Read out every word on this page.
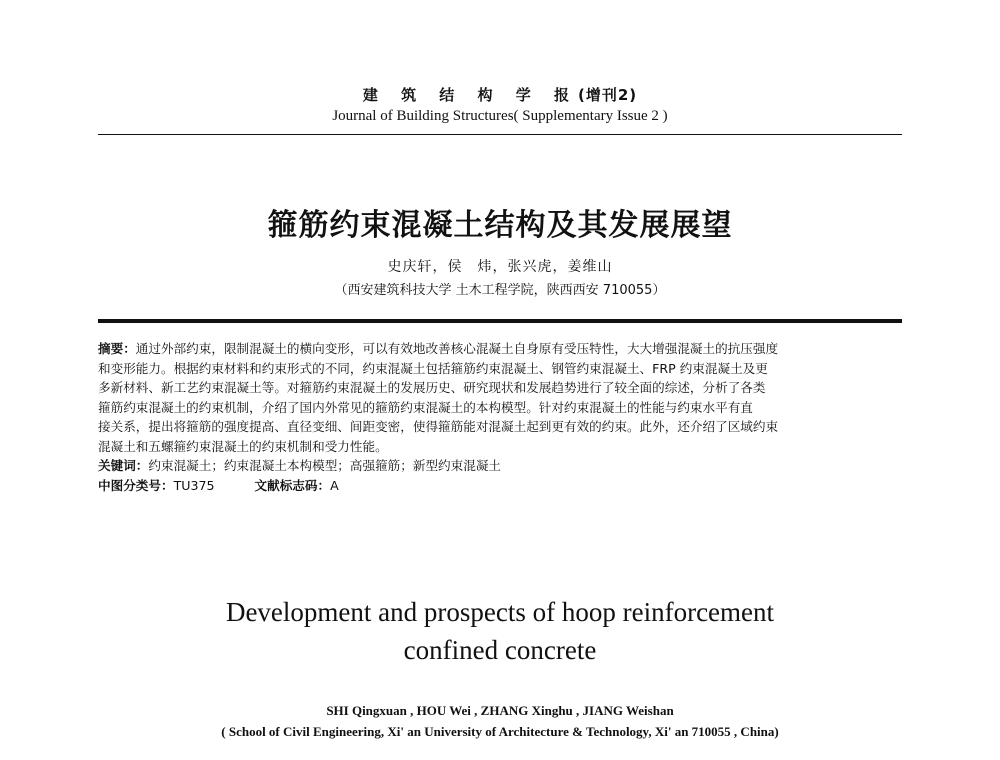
建 筑 结 构 学 报(增刊2)
Journal of Building Structures( Supplementary Issue 2 )
箍筋约束混凝土结构及其发展展望
史庆轩，侯　炜，张兴虎，姜维山
（西安建筑科技大学 土木工程学院，陕西西安 710055）
摘要：通过外部约束，限制混凝土的横向变形，可以有效地改善核心混凝土自身原有受压特性，大大增强混凝土的抗压强度
和变形能力。根据约束材料和约束形式的不同，约束混凝土包括箍筋约束混凝土、钢管约束混凝土、FRP 约束混凝土及更
多新材料、新工艺约束混凝土等。对箍筋约束混凝土的发展历史、研究现状和发展趋势进行了较全面的综述，分析了各类
箍筋约束混凝土的约束机制，介绍了国内外常见的箍筋约束混凝土的本构模型。针对约束混凝土的性能与约束水平有直
接关系，提出将箍筋的强度提高、直径变细、间距变密，使得箍筋能对混凝土起到更有效的约束。此外，还介绍了区域约束
混凝土和五螺箍约束混凝土的约束机制和受力性能。
关键词：约束混凝土；约束混凝土本构模型；高强箍筋；新型约束混凝土
中图分类号：TU375	文献标志码：A
Development and prospects of hoop reinforcement
confined concrete
SHI Qingxuan , HOU Wei , ZHANG Xinghu , JIANG Weishan
( School of Civil Engineering, Xi' an University of Architecture & Technology, Xi' an 710055 , China)
